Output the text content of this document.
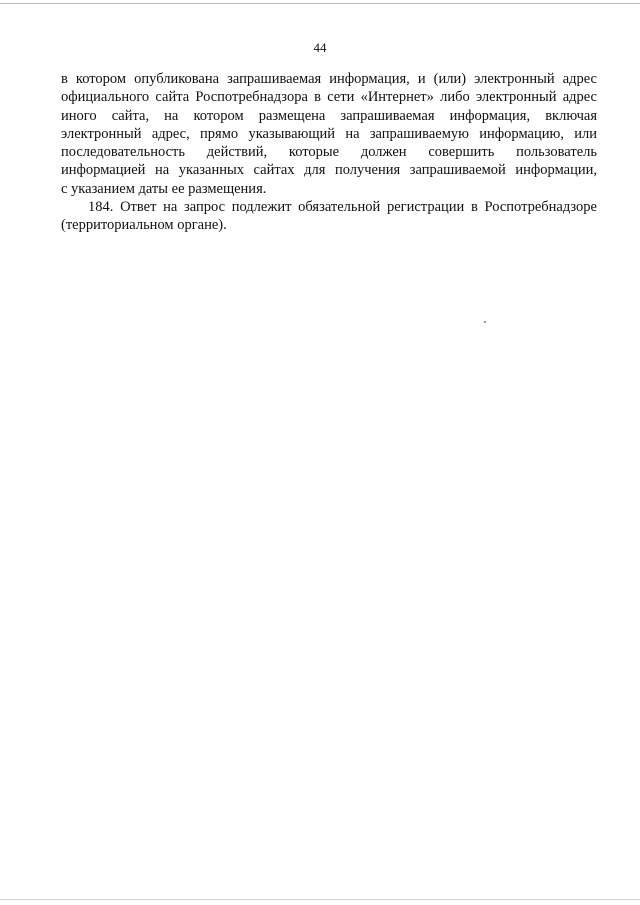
44
в котором опубликована запрашиваемая информация, и (или) электронный адрес
официального сайта Роспотребнадзора в сети «Интернет» либо электронный адрес
иного сайта, на котором размещена запрашиваемая информация, включая
электронный адрес, прямо указывающий на запрашиваемую информацию, или
последовательность действий, которые должен совершить пользователь
информацией на указанных сайтах для получения запрашиваемой информации,
с указанием даты ее размещения.
184. Ответ на запрос подлежит обязательной регистрации в Роспотребнадзоре
(территориальном органе).
